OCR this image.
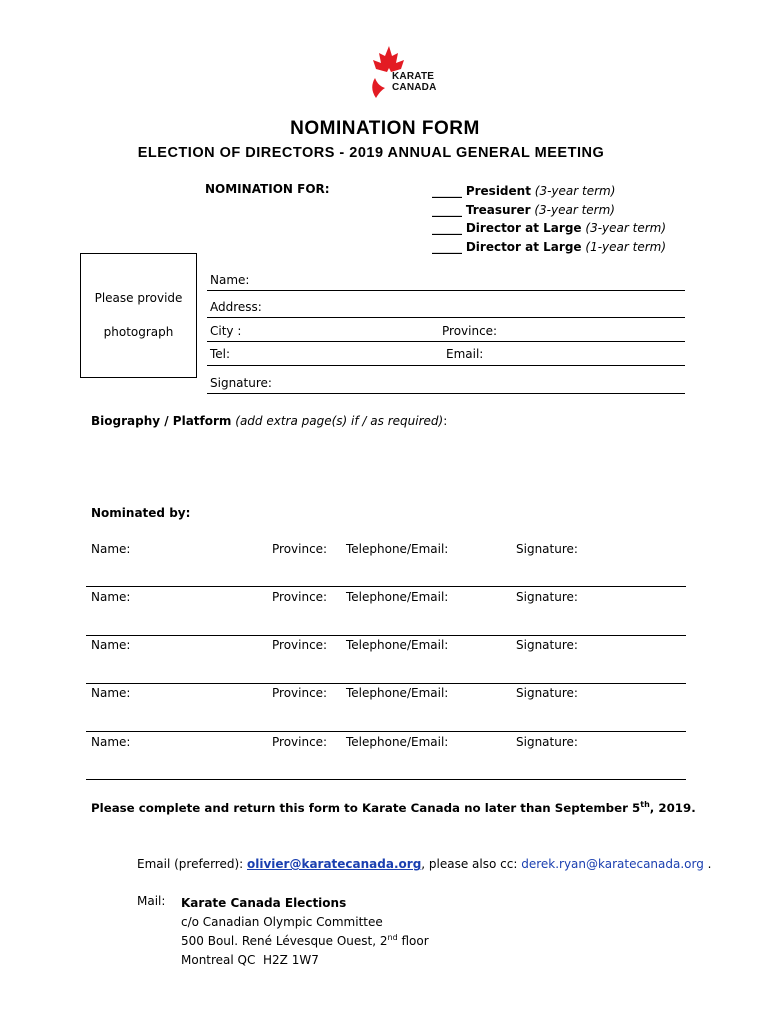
KARATE
CANADA
NOMINATION FORM
ELECTION OF DIRECTORS - 2019 ANNUAL GENERAL MEETING
NOMINATION FOR:	_____ President (3-year term)
_____ Treasurer (3-year term)
_____ Director at Large (3-year term)
_____ Director at Large (1-year term)
Please provide

photograph
Name:
Address:
City :	Province:
Tel:	Email:
Signature:
Biography / Platform (add extra page(s) if / as required):
Nominated by:
Name:	Province: Telephone/Email:	Signature:
Name:	Province: Telephone/Email:	Signature:
Name:	Province: Telephone/Email:	Signature:
Name:	Province: Telephone/Email:	Signature:
Name:	Province: Telephone/Email:	Signature:
Please complete and return this form to Karate Canada no later than September 5th, 2019.
Email (preferred): olivier@karatecanada.org, please also cc: derek.ryan@karatecanada.org .
Mail: Karate Canada Elections
c/o Canadian Olympic Committee
500 Boul. René Lévesque Ouest, 2nd floor
Montreal QC  H2Z 1W7
